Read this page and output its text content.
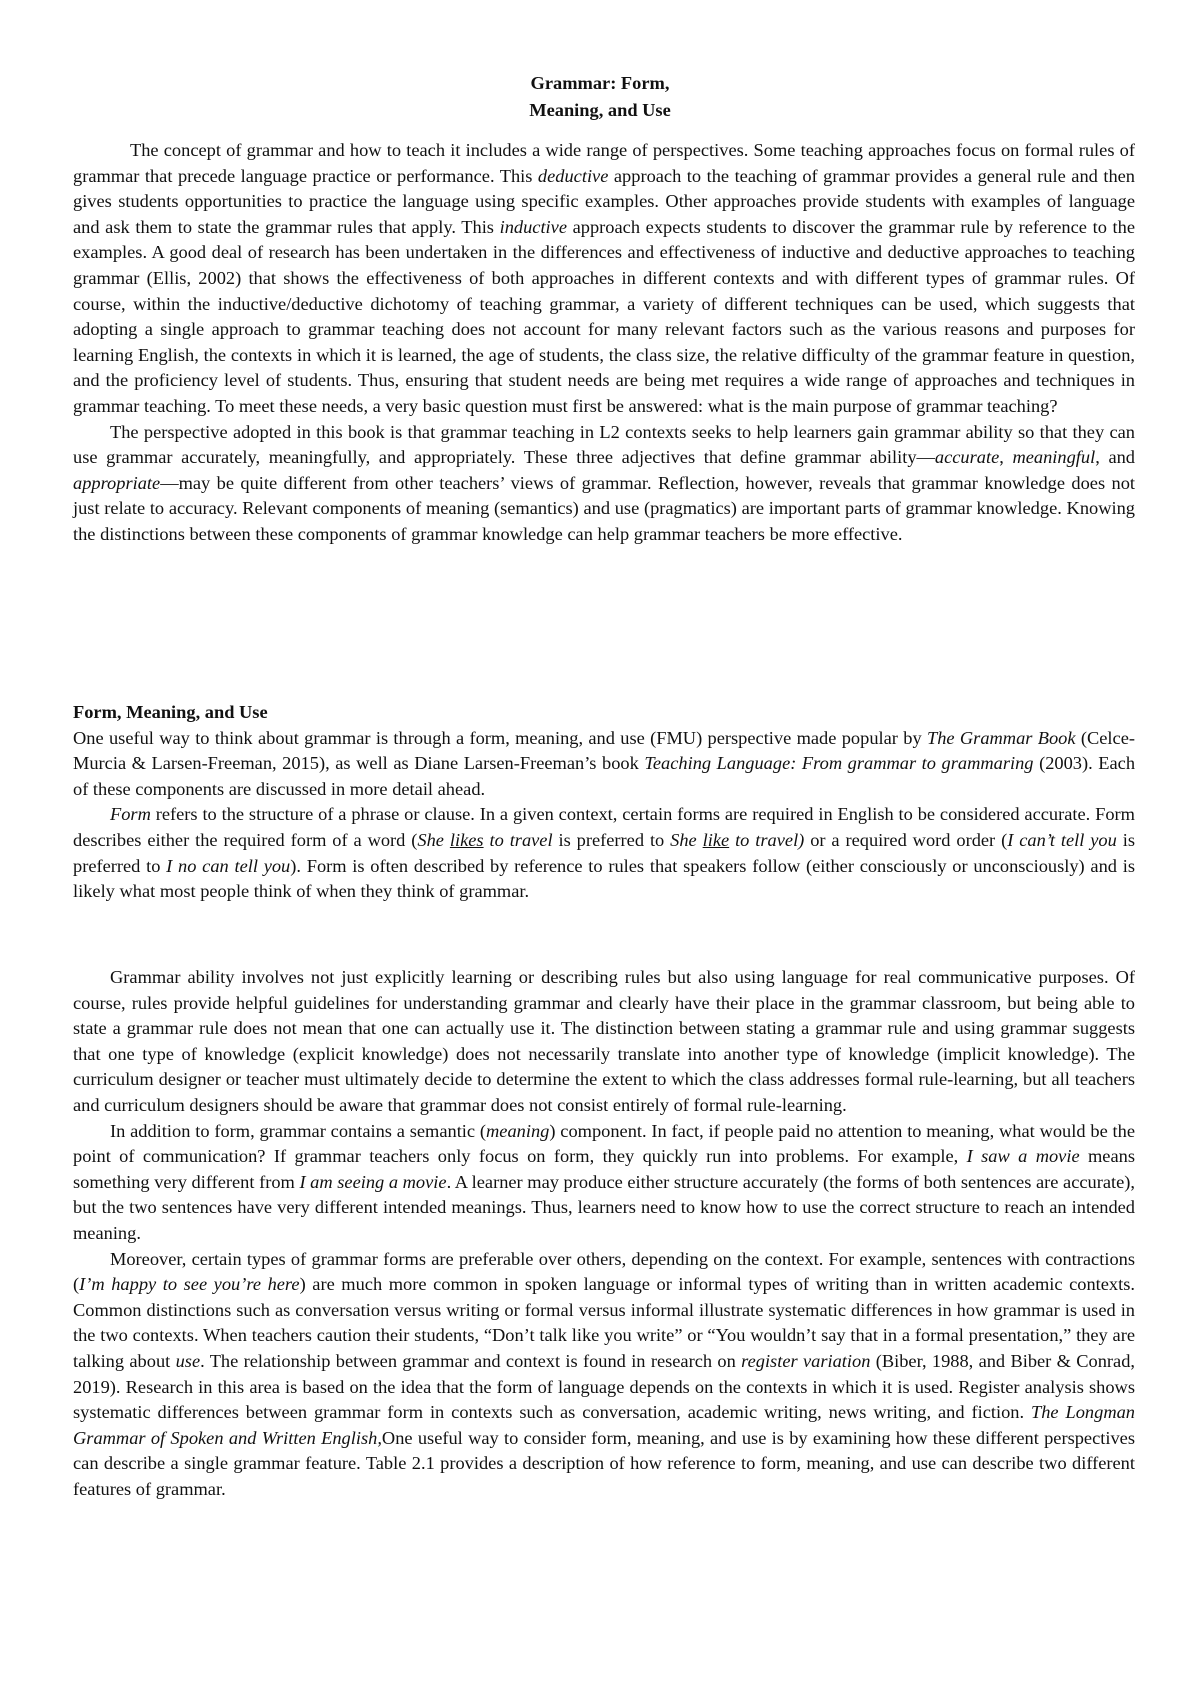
Grammar: Form,
Meaning, and Use

The concept of grammar and how to teach it includes a wide range of perspectives. Some teaching approaches focus on formal rules of grammar that precede language practice or performance. This deductive approach to the teaching of grammar provides a general rule and then gives students opportunities to practice the language using specific examples. Other approaches provide students with examples of language and ask them to state the grammar rules that apply. This inductive approach expects students to discover the grammar rule by reference to the examples. A good deal of research has been undertaken in the differences and effectiveness of inductive and deductive approaches to teaching grammar (Ellis, 2002) that shows the effectiveness of both approaches in different contexts and with different types of grammar rules. Of course, within the inductive/deductive dichotomy of teaching grammar, a variety of different techniques can be used, which suggests that adopting a single approach to grammar teaching does not account for many relevant factors such as the various reasons and purposes for learning English, the contexts in which it is learned, the age of students, the class size, the relative difficulty of the grammar feature in question, and the proficiency level of students. Thus, ensuring that student needs are being met requires a wide range of approaches and techniques in grammar teaching. To meet these needs, a very basic question must first be answered: what is the main purpose of grammar teaching?

The perspective adopted in this book is that grammar teaching in L2 contexts seeks to help learners gain grammar ability so that they can use grammar accurately, meaningfully, and appropriately. These three adjectives that define grammar ability—accurate, meaningful, and appropriate—may be quite different from other teachers’ views of grammar. Reflection, however, reveals that grammar knowledge does not just relate to accuracy. Relevant components of meaning (semantics) and use (pragmatics) are important parts of grammar knowledge. Knowing the distinctions between these components of grammar knowledge can help grammar teachers be more effective.

Form, Meaning, and Use

One useful way to think about grammar is through a form, meaning, and use (FMU) perspective made popular by The Grammar Book (Celce-Murcia & Larsen-Freeman, 2015), as well as Diane Larsen-Freeman’s book Teaching Language: From grammar to grammaring (2003). Each of these components are discussed in more detail ahead.

Form refers to the structure of a phrase or clause. In a given context, certain forms are required in English to be considered accurate. Form describes either the required form of a word (She likes to travel is preferred to She like to travel) or a required word order (I can’t tell you is preferred to I no can tell you). Form is often described by reference to rules that speakers follow (either consciously or unconsciously) and is likely what most people think of when they think of grammar.

Grammar ability involves not just explicitly learning or describing rules but also using language for real communicative purposes. Of course, rules provide helpful guidelines for understanding grammar and clearly have their place in the grammar classroom, but being able to state a grammar rule does not mean that one can actually use it. The distinction between stating a grammar rule and using grammar suggests that one type of knowledge (explicit knowledge) does not necessarily translate into another type of knowledge (implicit knowledge). The curriculum designer or teacher must ultimately decide to determine the extent to which the class addresses formal rule-learning, but all teachers and curriculum designers should be aware that grammar does not consist entirely of formal rule-learning.

In addition to form, grammar contains a semantic (meaning) component. In fact, if people paid no attention to meaning, what would be the point of communication? If grammar teachers only focus on form, they quickly run into problems. For example, I saw a movie means something very different from I am seeing a movie. A learner may produce either structure accurately (the forms of both sentences are accurate), but the two sentences have very different intended meanings. Thus, learners need to know how to use the correct structure to reach an intended meaning.

Moreover, certain types of grammar forms are preferable over others, depending on the context. For example, sentences with contractions (I’m happy to see you’re here) are much more common in spoken language or informal types of writing than in written academic contexts. Common distinctions such as conversation versus writing or formal versus informal illustrate systematic differences in how grammar is used in the two contexts. When teachers caution their students, “Don’t talk like you write” or “You wouldn’t say that in a formal presentation,” they are talking about use. The relationship between grammar and context is found in research on register variation (Biber, 1988, and Biber & Conrad, 2019). Research in this area is based on the idea that the form of language depends on the contexts in which it is used. Register analysis shows systematic differences between grammar form in contexts such as conversation, academic writing, news writing, and fiction. The Longman Grammar of Spoken and Written English,One useful way to consider form, meaning, and use is by examining how these different perspectives can describe a single grammar feature. Table 2.1 provides a description of how reference to form, meaning, and use can describe two different features of grammar.
